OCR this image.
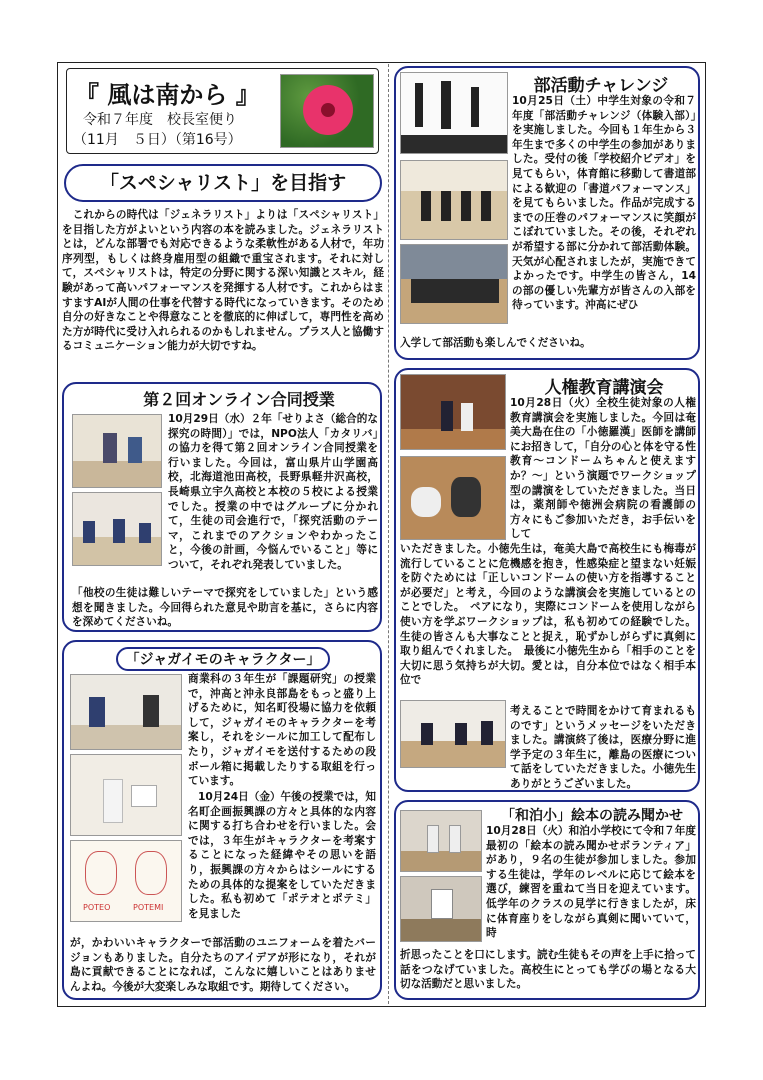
『 風は南から 』
令和７年度　校長室便り
（11月　５日）（第16号）
「スペシャリスト」を目指す
　これからの時代は「ジェネラリスト」よりは「スペシャリスト」を目指した方がよいという内容の本を読みました。ジェネラリストとは，どんな部署でも対応できるような柔軟性がある人材で，年功序列型，もしくは終身雇用型の組織で重宝されます。それに対して，スペシャリストは，特定の分野に関する深い知識とスキル，経験があって高いパフォーマンスを発揮する人材です。これからはますますAIが人間の仕事を代替する時代になっていきます。そのため自分の好きなことや得意なことを徹底的に伸ばして，専門性を高めた方が時代に受け入れられるのかもしれません。プラス人と協働するコミュニケーション能力が大切ですね。
第２回オンライン合同授業
10月29日（水）２年「せりよさ（総合的な探究の時間）」では，NPO法人「カタリバ」の協力を得て第２回オンライン合同授業を行いました。今回は，富山県片山学園高校，北海道池田高校，長野県軽井沢高校，長崎県立宇久高校と本校の５校による授業でした。授業の中ではグループに分かれて，生徒の司会進行で，「探究活動のテーマ，これまでのアクションやわかったこと，今後の計画，今悩んでいること」等について，それぞれ発表していました。
「他校の生徒は難しいテーマで探究をしていました」という感想を聞きました。今回得られた意見や助言を基に，さらに内容を深めてくださいね。
「ジャガイモのキャラクター」
POTEO	POTEMI
商業科の３年生が「課題研究」の授業で，沖高と沖永良部島をもっと盛り上げるために，知名町役場に協力を依頼して，ジャガイモのキャラクターを考案し，それをシールに加工して配布したり，ジャガイモを送付するための段ボール箱に掲載したりする取組を行っています。
10月24日（金）午後の授業では，知名町企画振興課の方々と具体的な内容に関する打ち合わせを行いました。会では，３年生がキャラクターを考案することになった経緯やその思いを語り，振興課の方々からはシールにするための具体的な提案をしていただきました。私も初めて「ポテオとポテミ」を見ました
が，かわいいキャラクターで部活動のユニフォームを着たバージョンもありました。自分たちのアイデアが形になり，それが島に貢献できることになれば，こんなに嬉しいことはありませんよね。今後が大変楽しみな取組です。期待してください。
部活動チャレンジ
10月25日（土）中学生対象の令和７年度「部活動チャレンジ（体験入部）」を実施しました。今回も１年生から３年生まで多くの中学生の参加がありました。受付の後「学校紹介ビデオ」を見てもらい，体育館に移動して書道部による歓迎の「書道パフォーマンス」を見てもらいました。作品が完成するまでの圧巻のパフォーマンスに笑顔がこぼれていました。その後，それぞれが希望する部に分かれて部活動体験。天気が心配されましたが，実施できてよかったです。中学生の皆さん，14の部の優しい先輩方が皆さんの入部を待っています。沖高にぜひ
入学して部活動も楽しんでくださいね。
人権教育講演会
10月28日（火）全校生徒対象の人権教育講演会を実施しました。今回は奄美大島在住の「小徳羅漢」医師を講師にお招きして，「自分の心と体を守る性教育～コンドームちゃんと使えますか？～」という演題でワークショップ型の講演をしていただきました。当日は，薬剤師や徳洲会病院の看護師の方々にもご参加いただき，お手伝いをして
いただきました。小徳先生は，奄美大島で高校生にも梅毒が流行していることに危機感を抱き，性感染症と望まない妊娠を防ぐためには「正しいコンドームの使い方を指導することが必要だ」と考え，今回のような講演会を実施しているとのことでした。　ペアになり，実際にコンドームを使用しながら使い方を学ぶワークショップは，私も初めての経験でした。生徒の皆さんも大事なことと捉え，恥ずかしがらずに真剣に取り組んでくれました。　最後に小徳先生から「相手のことを大切に思う気持ちが大切。愛とは，自分本位ではなく相手本位で
考えることで時間をかけて育まれるものです」というメッセージをいただきました。講演終了後は，医療分野に進学予定の３年生に，離島の医療について話をしていただきました。小徳先生ありがとうございました。
「和泊小」絵本の読み聞かせ
10月28日（火）和泊小学校にて令和７年度最初の「絵本の読み聞かせボランティア」があり，９名の生徒が参加しました。参加する生徒は，学年のレベルに応じて絵本を選び，練習を重ねて当日を迎えています。低学年のクラスの見学に行きましたが，床に体育座りをしながら真剣に聞いていて，時
折思ったことを口にします。読む生徒もその声を上手に拾って話をつなげていました。高校生にとっても学びの場となる大切な活動だと思いました。
